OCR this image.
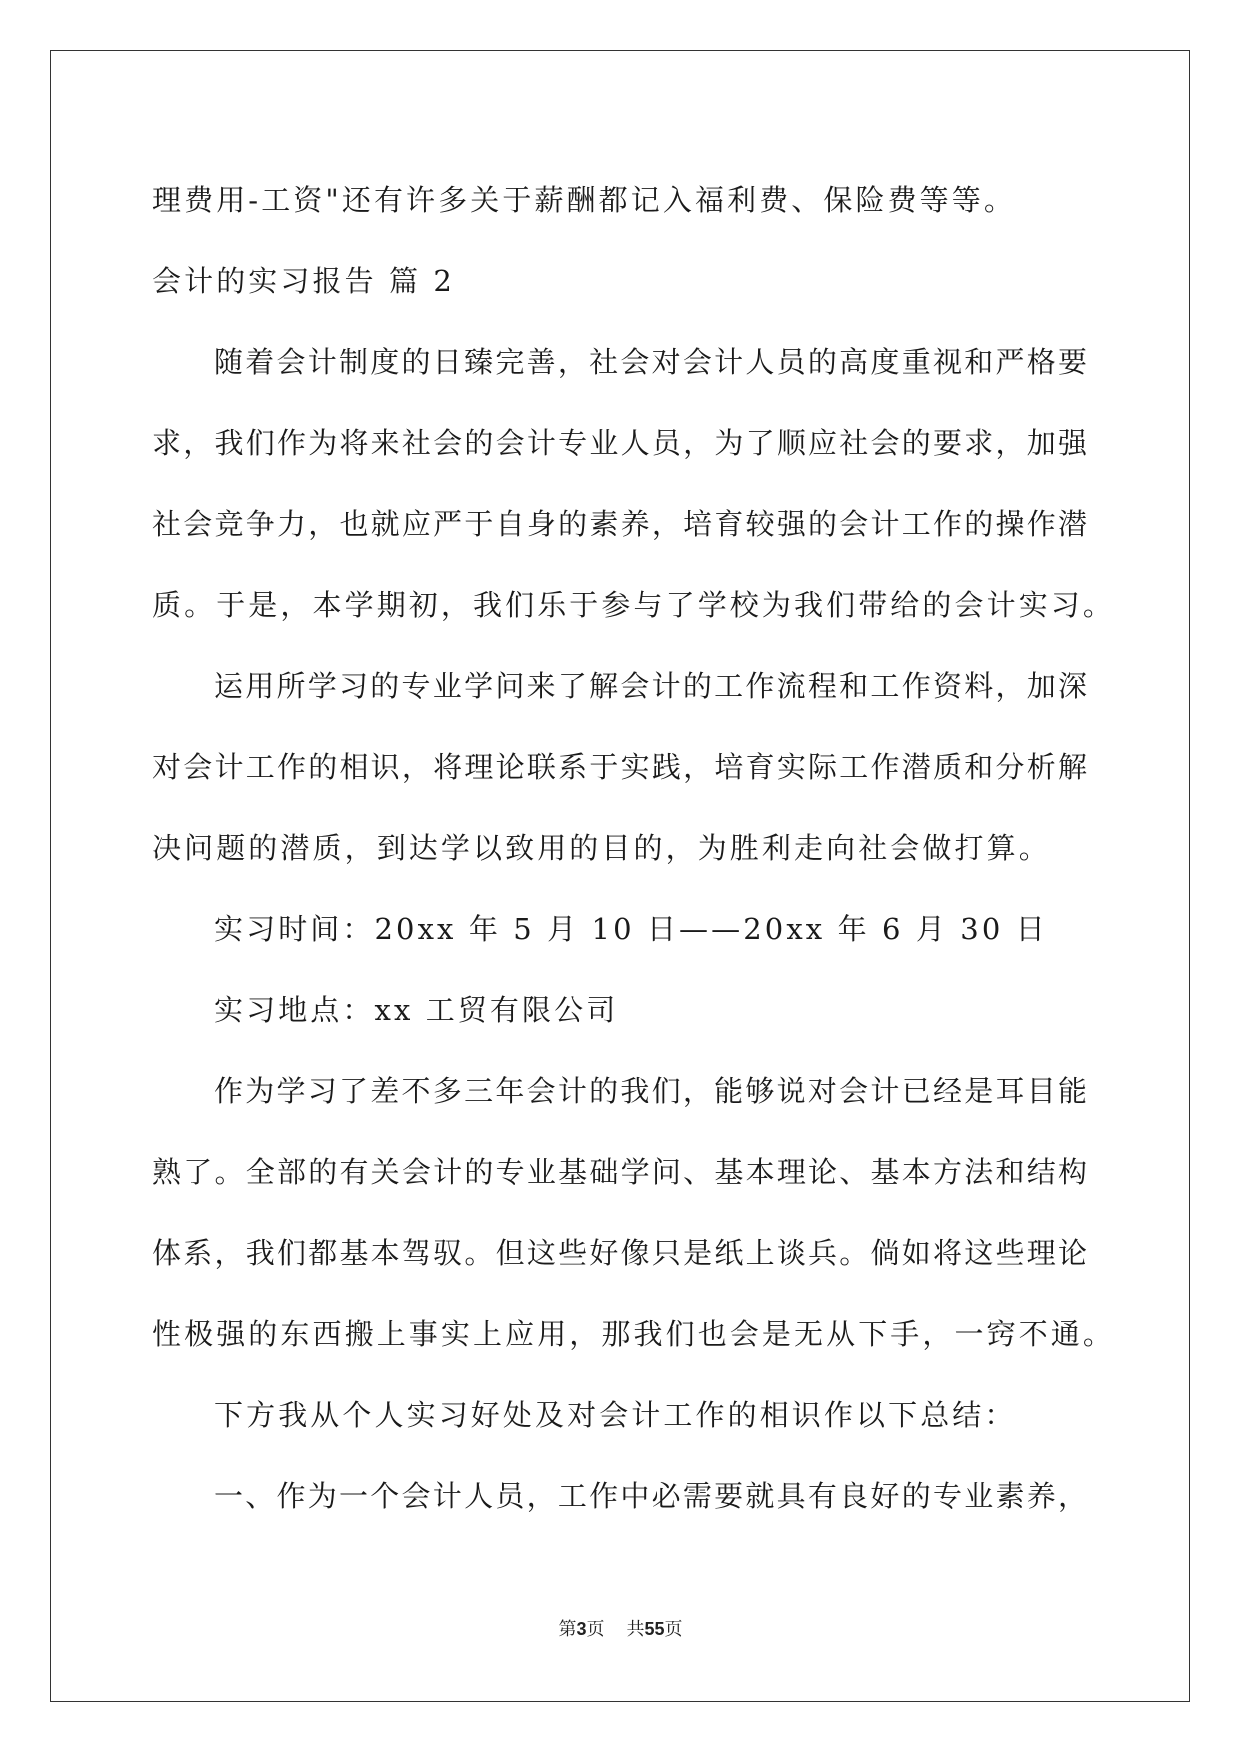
理费用-工资"还有许多关于薪酬都记入福利费、保险费等等。

会计的实习报告 篇 2

随着会计制度的日臻完善，社会对会计人员的高度重视和严格要

求，我们作为将来社会的会计专业人员，为了顺应社会的要求，加强

社会竞争力，也就应严于自身的素养，培育较强的会计工作的操作潜

质。于是，本学期初，我们乐于参与了学校为我们带给的会计实习。

运用所学习的专业学问来了解会计的工作流程和工作资料，加深

对会计工作的相识，将理论联系于实践，培育实际工作潜质和分析解

决问题的潜质，到达学以致用的目的，为胜利走向社会做打算。

实习时间：20xx 年 5 月 10 日——20xx 年 6 月 30 日

实习地点：xx 工贸有限公司

作为学习了差不多三年会计的我们，能够说对会计已经是耳目能

熟了。全部的有关会计的专业基础学问、基本理论、基本方法和结构

体系，我们都基本驾驭。但这些好像只是纸上谈兵。倘如将这些理论

性极强的东西搬上事实上应用，那我们也会是无从下手，一窍不通。

下方我从个人实习好处及对会计工作的相识作以下总结：

一、作为一个会计人员，工作中必需要就具有良好的专业素养，

第3页 共55页
